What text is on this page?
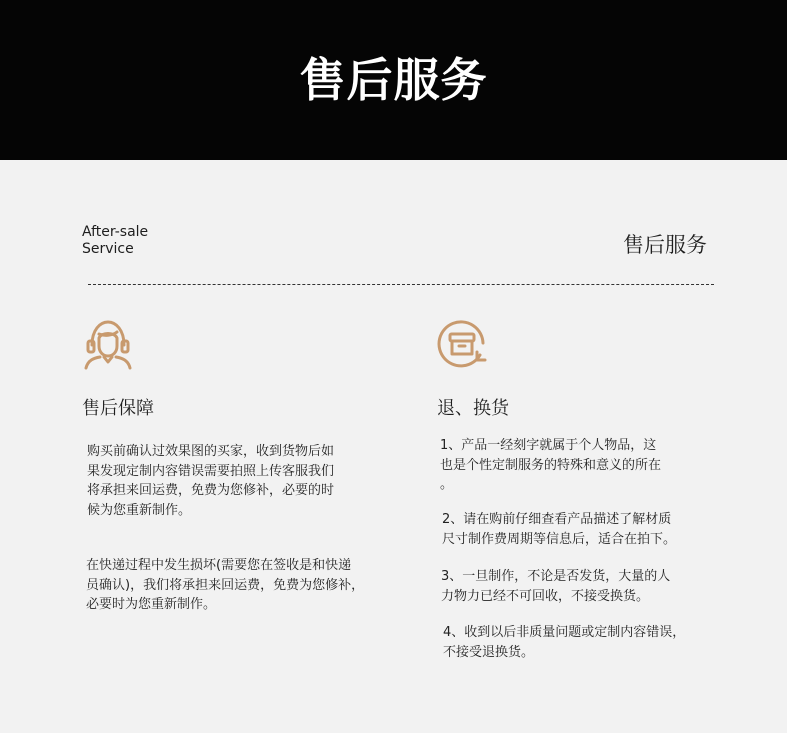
售后服务
After-sale
Service	售后服务
售后保障	退、换货

购买前确认过效果图的买家，收到货物后如
果发现定制内容错误需要拍照上传客服我们
将承担来回运费，免费为您修补，必要的时
候为您重新制作。

在快递过程中发生损坏(需要您在签收是和快递
员确认)，我们将承担来回运费，免费为您修补，
必要时为您重新制作。

1、产品一经刻字就属于个人物品，这
也是个性定制服务的特殊和意义的所在
。

2、请在购前仔细查看产品描述了解材质
尺寸制作费周期等信息后，适合在拍下。

3、一旦制作，不论是否发货，大量的人
力物力已经不可回收，不接受换货。

4、收到以后非质量问题或定制内容错误，
不接受退换货。
